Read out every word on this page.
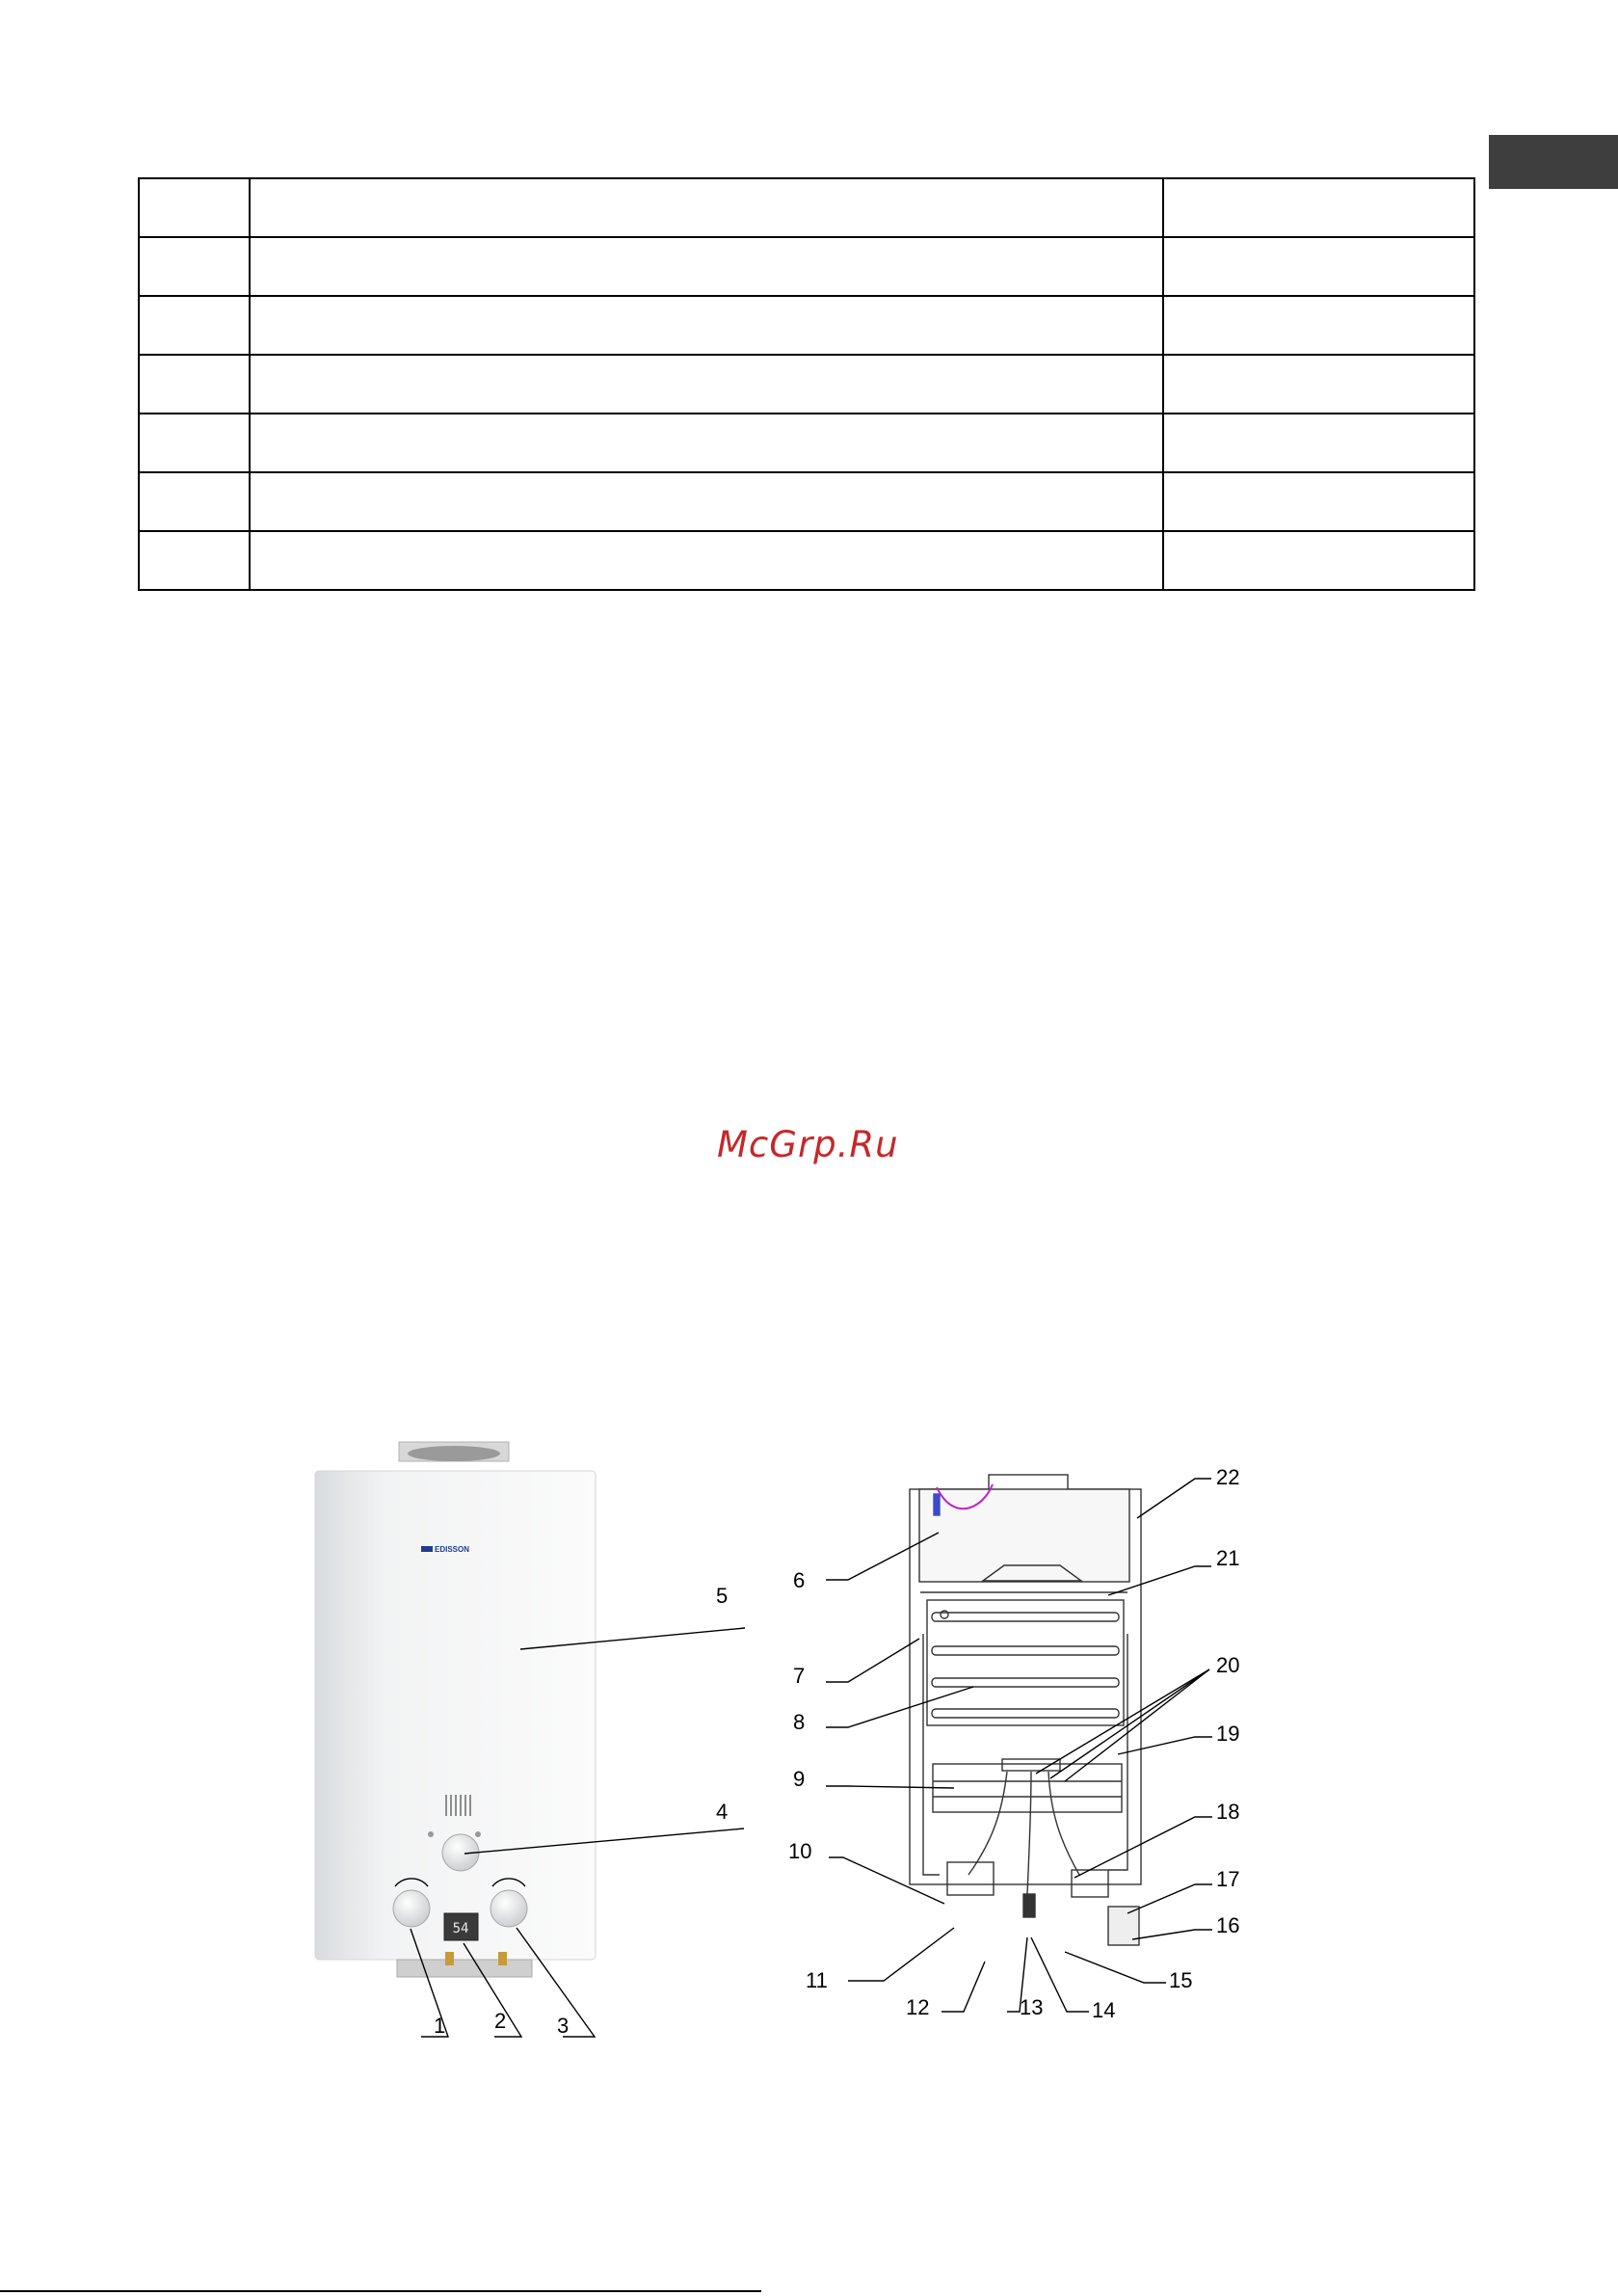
McGrp.Ru
EDISSON
54
1 2 3
4
5
6
7
8
9
10
11
12	13 14
15
16
17
18
19
20
21
22
